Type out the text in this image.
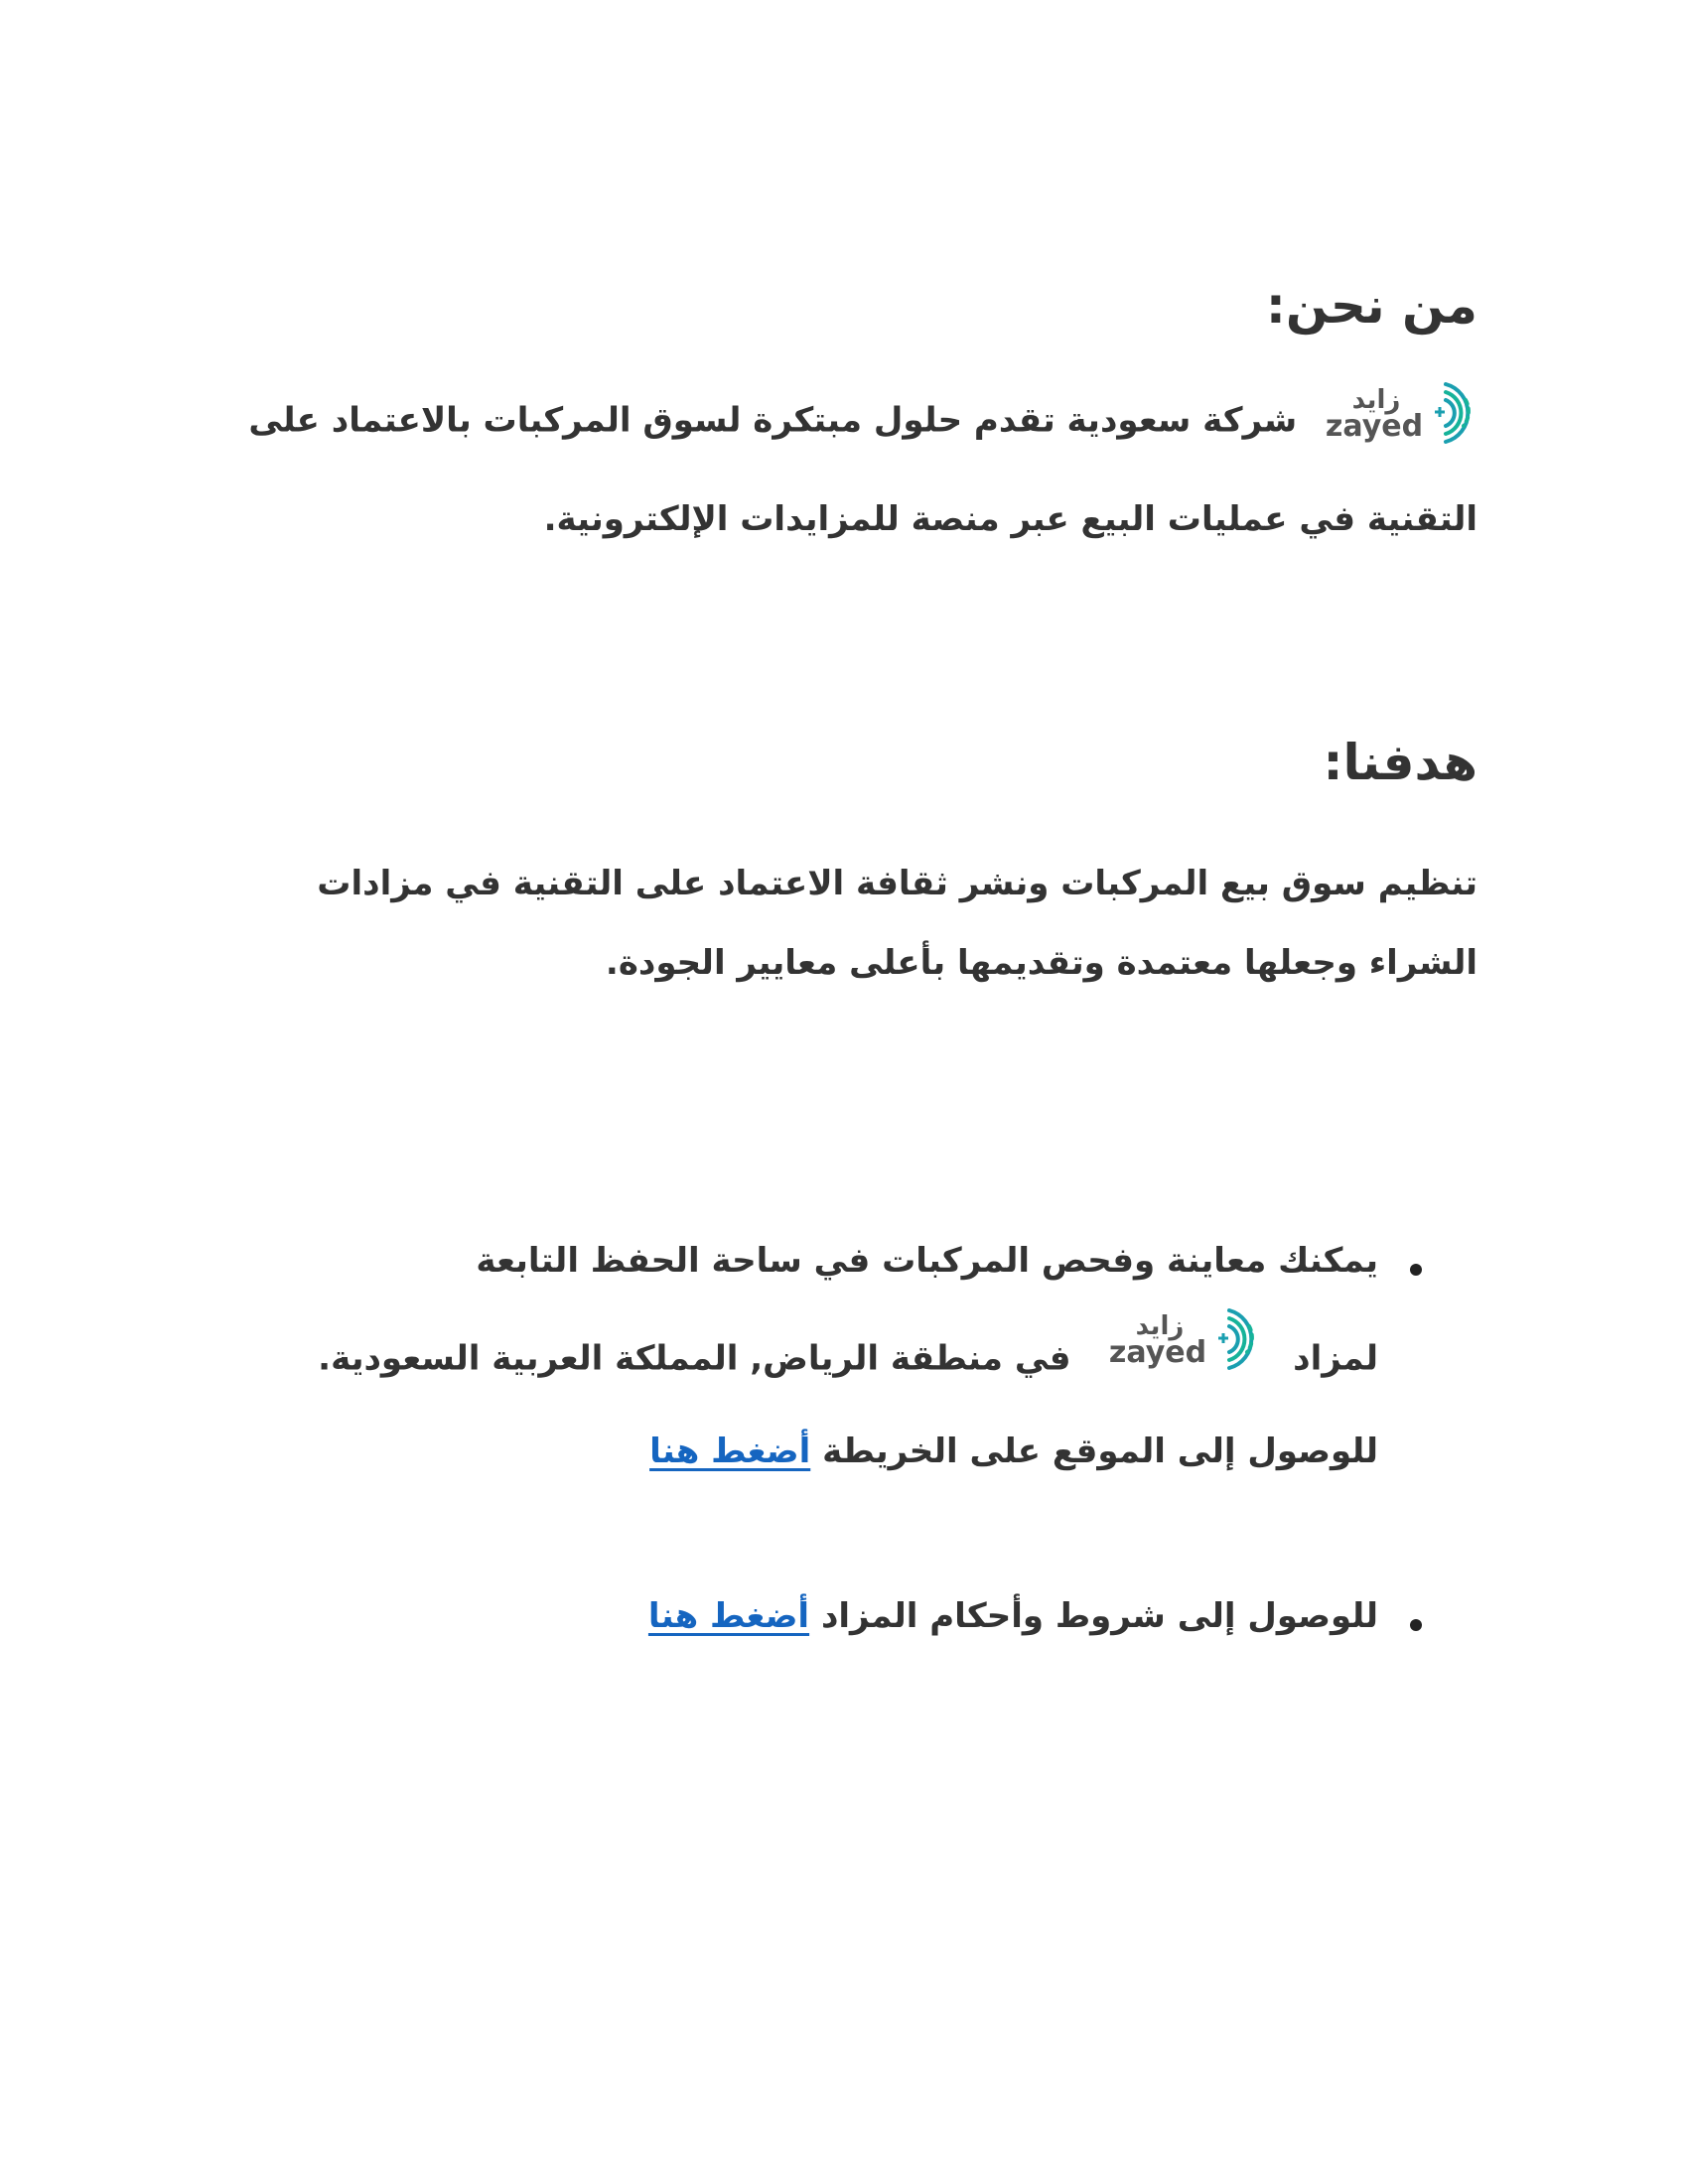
من نحن:
زايد
zayed
شركة سعودية تقدم حلول مبتكرة لسوق المركبات بالاعتماد على
التقنية في عمليات البيع عبر منصة للمزايدات الإلكترونية.
هدفنا:
تنظيم سوق بيع المركبات ونشر ثقافة الاعتماد على التقنية في مزادات
الشراء وجعلها معتمدة وتقديمها بأعلى معايير الجودة.
يمكنك معاينة وفحص المركبات في ساحة الحفظ التابعة
لمزاد
زايد
zayed
في منطقة الرياض, المملكة العربية السعودية.
للوصول إلى الموقع على الخريطة أضغط هنا
للوصول إلى شروط وأحكام المزاد أضغط هنا
